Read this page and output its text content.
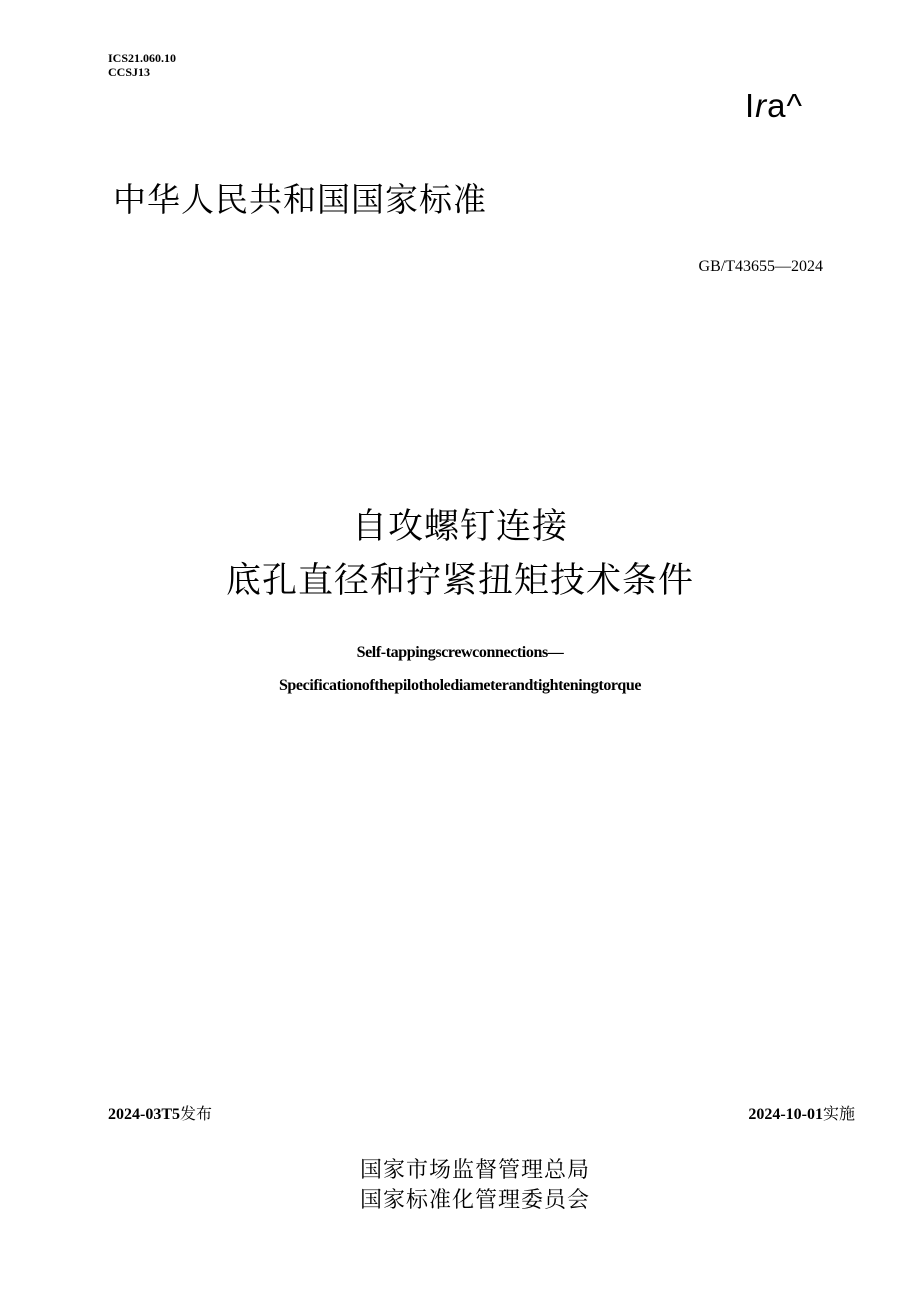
ICS21.060.10
CCSJ13
Ira^
中华人民共和国国家标准
GB/T43655—2024
自攻螺钉连接
底孔直径和拧紧扭矩技术条件
Self-tappingscrewconnections—
Specificationofthepilotholediameterandtighteningtorque
2024-03T5发布	2024-10-01实施
国家市场监督管理总局
国家标准化管理委员会
